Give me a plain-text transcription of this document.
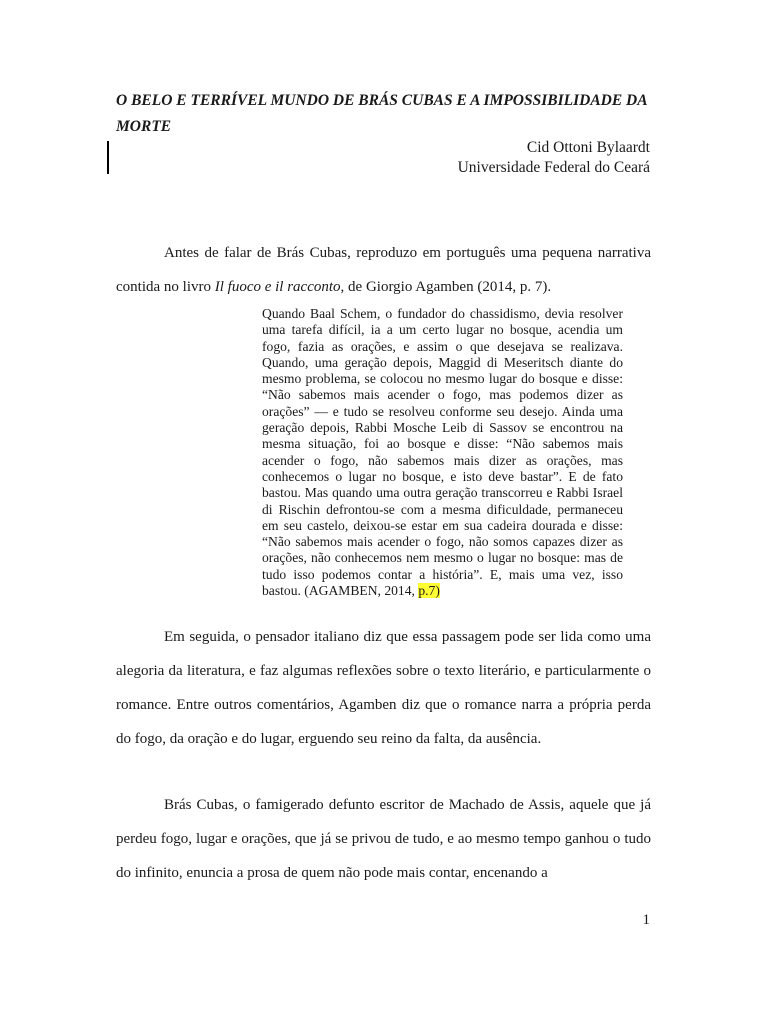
O BELO E TERRÍVEL MUNDO DE BRÁS CUBAS E A IMPOSSIBILIDADE DA MORTE
Cid Ottoni Bylaardt
Universidade Federal do Ceará

Antes de falar de Brás Cubas, reproduzo em português uma pequena narrativa contida no livro Il fuoco e il racconto, de Giorgio Agamben (2014, p. 7).

Quando Baal Schem, o fundador do chassidismo, devia resolver uma tarefa difícil, ia a um certo lugar no bosque, acendia um fogo, fazia as orações, e assim o que desejava se realizava. Quando, uma geração depois, Maggid di Meseritsch diante do mesmo problema, se colocou no mesmo lugar do bosque e disse: “Não sabemos mais acender o fogo, mas podemos dizer as orações” — e tudo se resolveu conforme seu desejo. Ainda uma geração depois, Rabbi Mosche Leib di Sassov se encontrou na mesma situação, foi ao bosque e disse: “Não sabemos mais acender o fogo, não sabemos mais dizer as orações, mas conhecemos o lugar no bosque, e isto deve bastar”. E de fato bastou. Mas quando uma outra geração transcorreu e Rabbi Israel di Rischin defrontou-se com a mesma dificuldade, permaneceu em seu castelo, deixou-se estar em sua cadeira dourada e disse: “Não sabemos mais acender o fogo, não somos capazes dizer as orações, não conhecemos nem mesmo o lugar no bosque: mas de tudo isso podemos contar a história”. E, mais uma vez, isso bastou. (AGAMBEN, 2014, p.7)

Em seguida, o pensador italiano diz que essa passagem pode ser lida como uma alegoria da literatura, e faz algumas reflexões sobre o texto literário, e particularmente o romance. Entre outros comentários, Agamben diz que o romance narra a própria perda do fogo, da oração e do lugar, erguendo seu reino da falta, da ausência.

Brás Cubas, o famigerado defunto escritor de Machado de Assis, aquele que já perdeu fogo, lugar e orações, que já se privou de tudo, e ao mesmo tempo ganhou o tudo do infinito, enuncia a prosa de quem não pode mais contar, encenando a

1
